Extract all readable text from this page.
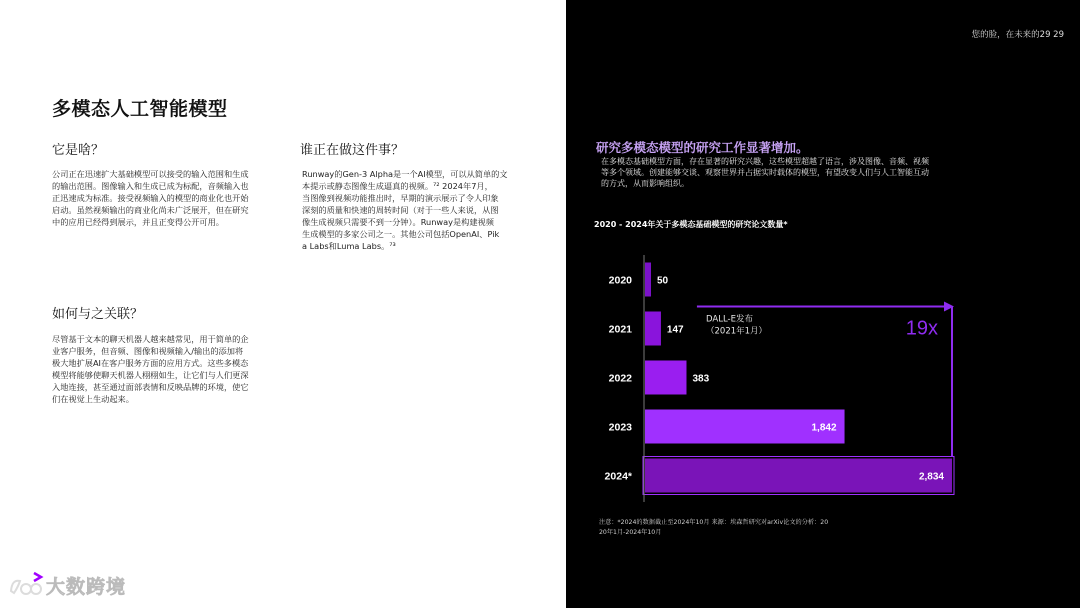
多模态人工智能模型
它是啥？
公司正在迅速扩大基础模型可以接受的输入范围和生成
的输出范围。图像输入和生成已成为标配，音频输入也
正迅速成为标准。接受视频输入的模型的商业化也开始
启动。虽然视频输出的商业化尚未广泛展开，但在研究
中的应用已经得到展示，并且正变得公开可用。
谁正在做这件事？
Runway的Gen-3 Alpha是一个AI模型，可以从简单的文
本提示或静态图像生成逼真的视频。⁷² 2024年7月，
当图像到视频功能推出时，早期的演示展示了令人印象
深刻的质量和快速的周转时间（对于一些人来说，从图
像生成视频只需要不到一分钟）。Runway是构建视频
生成模型的多家公司之一。其他公司包括OpenAI、Pik
a Labs和Luma Labs。⁷³
如何与之关联？
尽管基于文本的聊天机器人越来越常见，用于简单的企
业客户服务，但音频、图像和视频输入/输出的添加将
极大地扩展AI在客户服务方面的应用方式。这些多模态
模型将能够使聊天机器人栩栩如生，让它们与人们更深
入地连接，甚至通过面部表情和反映品牌的环境，使它
们在视觉上生动起来。
大数跨境
您的脸，在未来的29 29
研究多模态模型的研究工作显著增加。
在多模态基础模型方面，存在显著的研究兴趣，这些模型超越了语言，涉及图像、音频、视频
等多个领域。创建能够交谈、观察世界并占据实时载体的模型，有望改变人们与人工智能互动
的方式，从而影响组织。
2020 - 2024年关于多模态基础模型的研究论文数量*
2020	50
2021	147
2022	383
2023	1,842
2024*	2,834
DALL-E发布
（2021年1月）	19x
注意：*2024的数据截止至2024年10月 来源：埃森哲研究对arXiv论文的分析：20
20年1月-2024年10月
